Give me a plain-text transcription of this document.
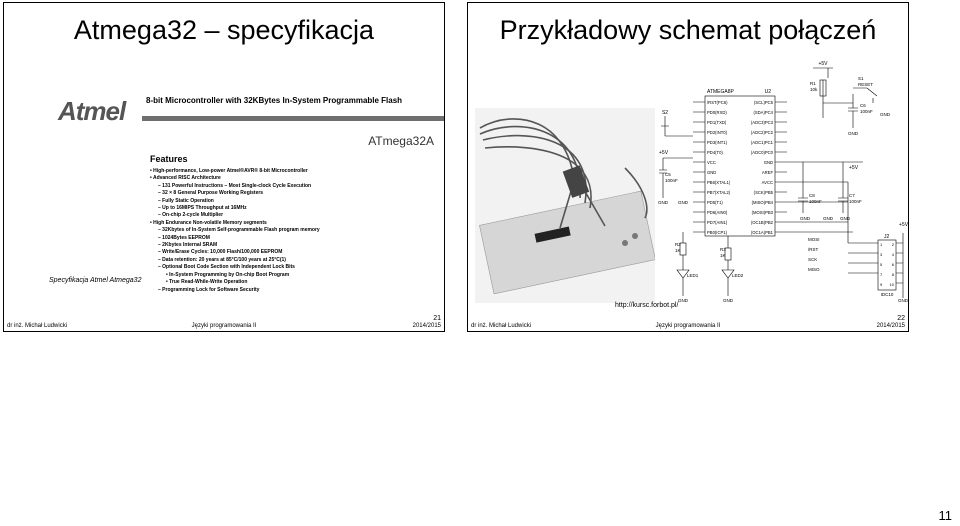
Atmega32 – specyfikacja
Atmel	8-bit Microcontroller with 32KBytes In-System Programmable Flash
ATmega32A
Features
• High-performance, Low-power Atmel®AVR® 8-bit Microcontroller
• Advanced RISC Architecture
– 131 Powerful Instructions – Most Single-clock Cycle Execution
– 32 × 8 General Purpose Working Registers
– Fully Static Operation
– Up to 16MIPS Throughput at 16MHz
– On-chip 2-cycle Multiplier
• High Endurance Non-volatile Memory segments
– 32Kbytes of In-System Self-programmable Flash program memory
– 1024Bytes EEPROM
– 2Kbytes Internal SRAM
– Write/Erase Cycles: 10,000 Flash/100,000 EEPROM
– Data retention: 20 years at 85°C/100 years at 25°C(1)
– Optional Boot Code Section with Independent Lock Bits
• In-System Programming by On-chip Boot Program
• True Read-While-Write Operation
– Programming Lock for Software Security
Specyfikacja Atmel Atmega32
dr inż. Michał Ludwicki	Języki programowania II
21
2014/2015
Przykładowy schemat połączeń
ATMEGA8P	U2
/RST(PC6)
PD0(RXD)
PD1(TXD)
PD2(INT0)
PD3(INT1)
PD4(T0)
VCC
GND
PB6(XTAL1)
PB7(XTAL2)
PD5(T1)
PD6(AIN0)
PD7(AIN1)
PB0(ICP1)
(SCL)PC5
(SDA)PC4
(ADC3)PC3
(ADC2)PC2
(ADC1)PC1
(ADC0)PC0
GND
AREF
AVCC
(SCK)PB5
(MISO)PB4
(MOSI)PB3
(OC1B)PB2
(OC1A)PB1
+5V
R1
10k
S1
RESET
C6
100nF
GND
GND
S2
+5V
C5
100nF
GND GND
GND	GND GND
C8
100nF
C7
100nF
+5V
+5V
R2
1K	R3
1K
LED1	LED2
GND	GND	GND
J2
IDC10
MOSI
/RST
SCK
MISO
1
3
5
7
9
2
4
6
8
10
http://kursc.forbot.pl/
dr inż. Michał Ludwicki	Języki programowania II
22
2014/2015
11
